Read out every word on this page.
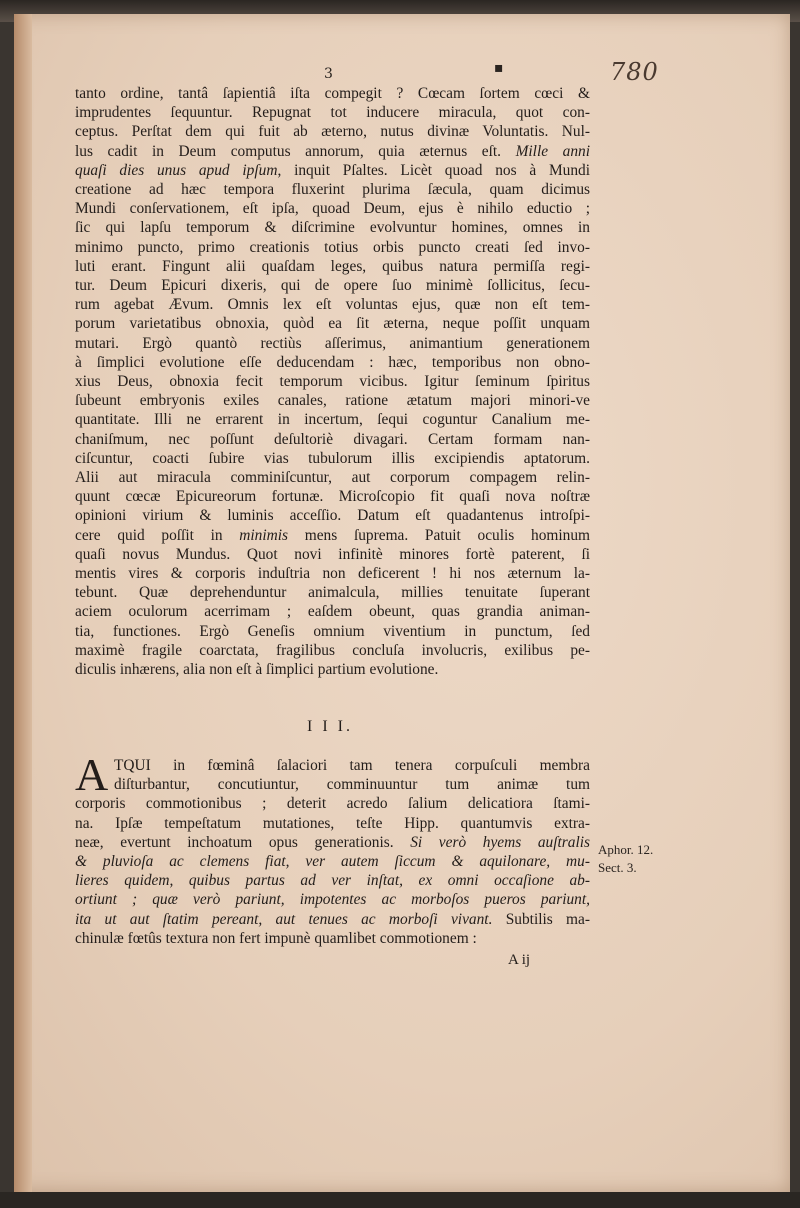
780
3	▪
tanto ordine, tantâ ſapientiâ iſta compegit ? Cœcam ſortem cœci &
imprudentes ſequuntur. Repugnat tot inducere miracula, quot con-
ceptus. Perſtat dem qui fuit ab æterno, nutus divinæ Voluntatis. Nul-
lus cadit in Deum computus annorum, quia æternus eſt. Mille anni
quaſi dies unus apud ipſum, inquit Pſaltes. Licèt quoad nos à Mundi
creatione ad hæc tempora fluxerint plurima ſæcula, quam dicimus
Mundi conſervationem, eſt ipſa, quoad Deum, ejus è nihilo eductio ;
ſic qui lapſu temporum & diſcrimine evolvuntur homines, omnes in
minimo puncto, primo creationis totius orbis puncto creati ſed invo-
luti erant. Fingunt alii quaſdam leges, quibus natura permiſſa regi-
tur. Deum Epicuri dixeris, qui de opere ſuo minimè ſollicitus, ſecu-
rum agebat Ævum. Omnis lex eſt voluntas ejus, quæ non eſt tem-
porum varietatibus obnoxia, quòd ea ſit æterna, neque poſſit unquam
mutari. Ergò quantò rectiùs aſſerimus, animantium generationem
à ſimplici evolutione eſſe deducendam : hæc, temporibus non obno-
xius Deus, obnoxia fecit temporum vicibus. Igitur ſeminum ſpiritus
ſubeunt embryonis exiles canales, ratione ætatum majori minori-ve
quantitate. Illi ne errarent in incertum, ſequi coguntur Canalium me-
chaniſmum, nec poſſunt deſultoriè divagari. Certam formam nan-
ciſcuntur, coacti ſubire vias tubulorum illis excipiendis aptatorum.
Alii aut miracula comminiſcuntur, aut corporum compagem relin-
quunt cœcæ Epicureorum fortunæ. Microſcopio fit quaſi nova noſtræ
opinioni virium & luminis acceſſio. Datum eſt quadantenus introſpi-
cere quid poſſit in minimis mens ſuprema. Patuit oculis hominum
quaſi novus Mundus. Quot novi infinitè minores fortè paterent, ſi
mentis vires & corporis induſtria non deficerent ! hi nos æternum la-
tebunt. Quæ deprehenduntur animalcula, millies tenuitate ſuperant
aciem oculorum acerrimam ; eaſdem obeunt, quas grandia animan-
tia, functiones. Ergò Geneſis omnium viventium in punctum, ſed
maximè fragile coarctata, fragilibus concluſa involucris, exilibus pe-
diculis inhærens, alia non eſt à ſimplici partium evolutione.
I I I.
A TQUI in fœminâ ſalaciori tam tenera corpuſculi membra
diſturbantur, concutiuntur, comminuuntur tum animæ tum
corporis commotionibus ; deterit acredo ſalium delicatiora ſtami-
na. Ipſæ tempeſtatum mutationes, teſte Hipp. quantumvis extra-
neæ, evertunt inchoatum opus generationis. Si verò hyems auſtralis
& pluvioſa ac clemens fiat, ver autem ſiccum & aquilonare, mu-
lieres quidem, quibus partus ad ver inſtat, ex omni occaſione ab-
ortiunt ; quæ verò pariunt, impotentes ac morboſos pueros pariunt,
ita ut aut ſtatim pereant, aut tenues ac morboſi vivant. Subtilis ma-
chinulæ fœtûs textura non fert impunè quamlibet commotionem :
Aphor. 12.
Sect. 3.
A ij
